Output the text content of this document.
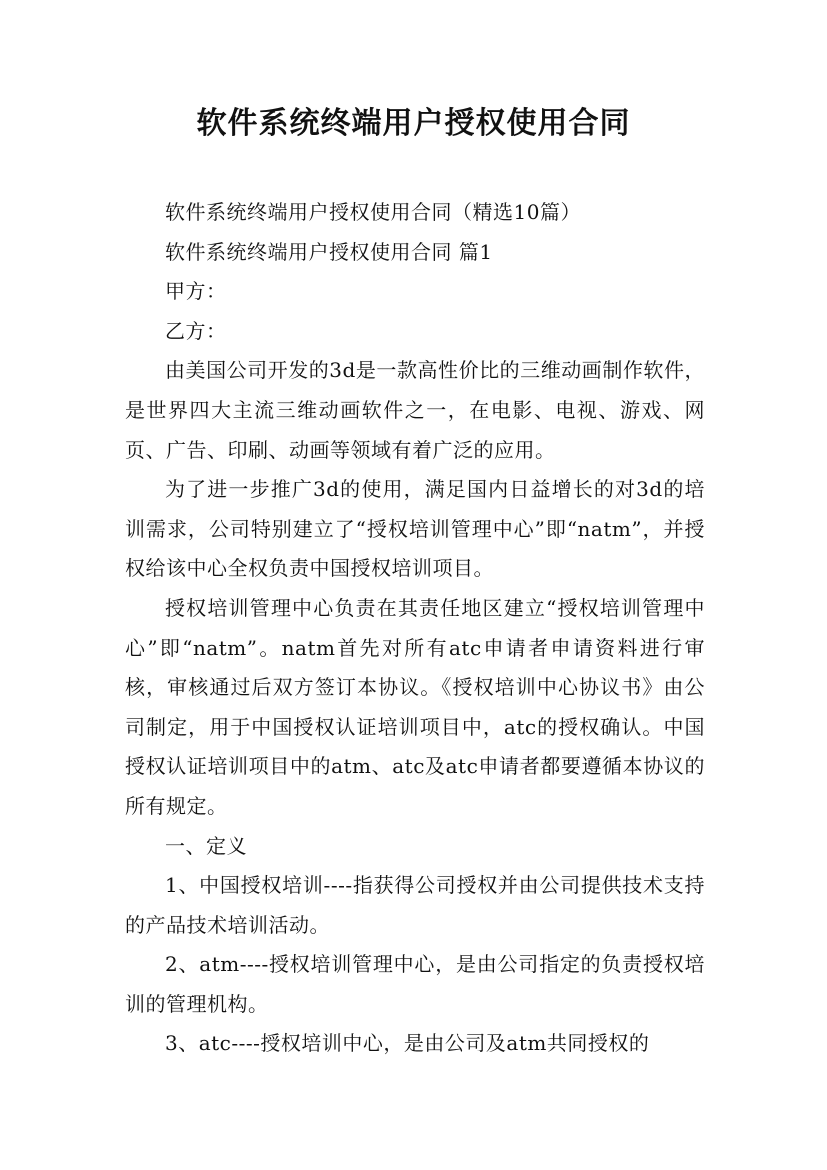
软件系统终端用户授权使用合同

软件系统终端用户授权使用合同（精选10篇）

软件系统终端用户授权使用合同 篇1

甲方：

乙方：

由美国公司开发的3d是一款高性价比的三维动画制作软件，是世界四大主流三维动画软件之一，在电影、电视、游戏、网页、广告、印刷、动画等领域有着广泛的应用。

为了进一步推广3d的使用，满足国内日益增长的对3d的培训需求，公司特别建立了“授权培训管理中心”即“natm”，并授权给该中心全权负责中国授权培训项目。

授权培训管理中心负责在其责任地区建立“授权培训管理中心”即“natm”。natm首先对所有atc申请者申请资料进行审核，审核通过后双方签订本协议。《授权培训中心协议书》由公司制定，用于中国授权认证培训项目中，atc的授权确认。中国授权认证培训项目中的atm、atc及atc申请者都要遵循本协议的所有规定。

一、定义

1、中国授权培训----指获得公司授权并由公司提供技术支持的产品技术培训活动。

2、atm----授权培训管理中心，是由公司指定的负责授权培训的管理机构。

3、atc----授权培训中心，是由公司及atm共同授权的
